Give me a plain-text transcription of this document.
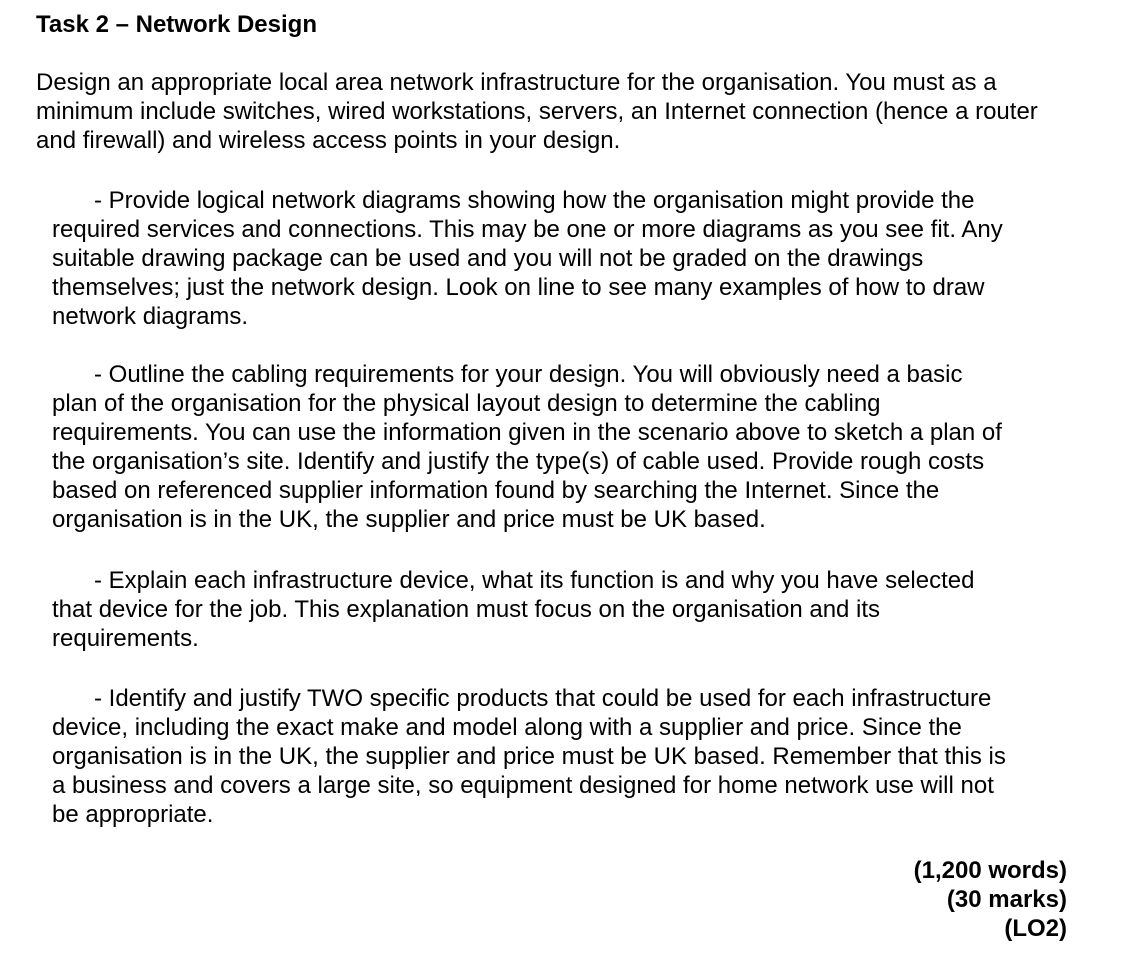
Task 2 – Network Design
Design an appropriate local area network infrastructure for the organisation. You must as a
minimum include switches, wired workstations, servers, an Internet connection (hence a router
and firewall) and wireless access points in your design.
- Provide logical network diagrams showing how the organisation might provide the
required services and connections. This may be one or more diagrams as you see fit. Any
suitable drawing package can be used and you will not be graded on the drawings
themselves; just the network design. Look on line to see many examples of how to draw
network diagrams.
- Outline the cabling requirements for your design. You will obviously need a basic
plan of the organisation for the physical layout design to determine the cabling
requirements. You can use the information given in the scenario above to sketch a plan of
the organisation’s site. Identify and justify the type(s) of cable used. Provide rough costs
based on referenced supplier information found by searching the Internet. Since the
organisation is in the UK, the supplier and price must be UK based.
- Explain each infrastructure device, what its function is and why you have selected
that device for the job. This explanation must focus on the organisation and its
requirements.
- Identify and justify TWO specific products that could be used for each infrastructure
device, including the exact make and model along with a supplier and price. Since the
organisation is in the UK, the supplier and price must be UK based. Remember that this is
a business and covers a large site, so equipment designed for home network use will not
be appropriate.
(1,200 words)
(30 marks)
(LO2)
